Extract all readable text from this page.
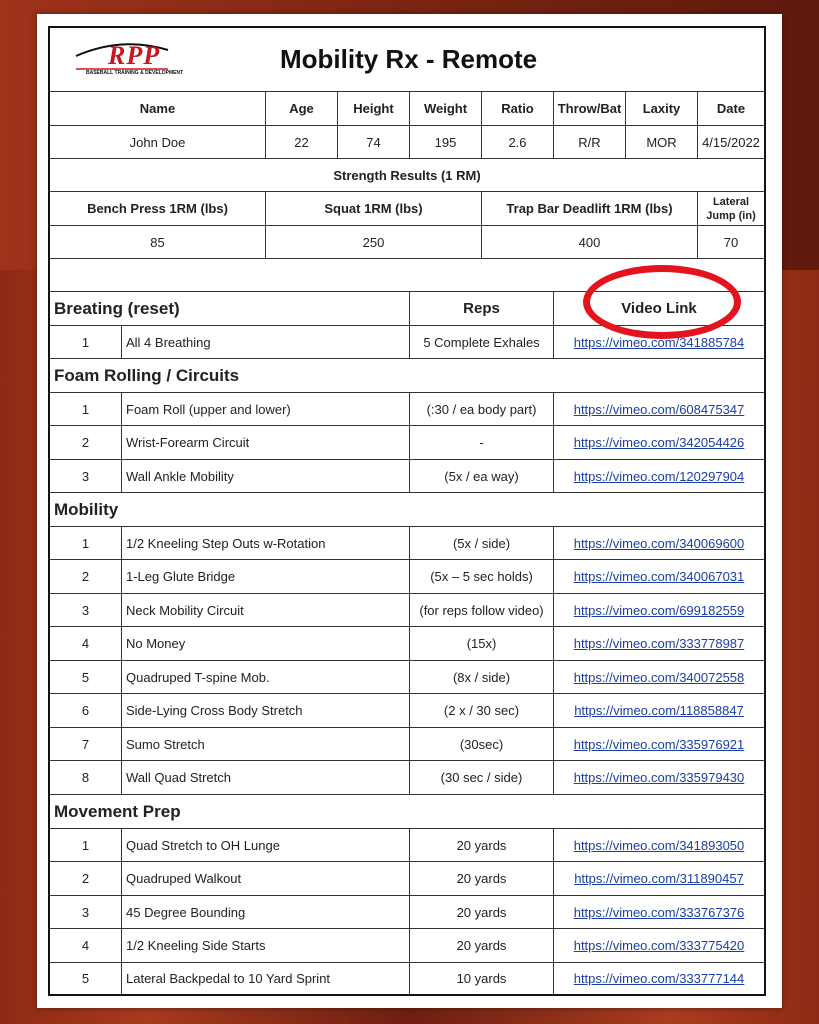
RPP
BASEBALL TRAINING & DEVELOPMENT	Mobility Rx - Remote
Name	Age	Height	Weight	Ratio	Throw/Bat	Laxity	Date
John Doe	22	74	195	2.6	R/R	MOR	4/15/2022
Strength Results (1 RM)
Bench Press 1RM (lbs)	Squat 1RM (lbs)	Trap Bar Deadlift 1RM (lbs)	Lateral Jump (in)
85	250	400	70
Breating (reset)	Reps	Video Link
1	All 4 Breathing	5 Complete Exhales	https://vimeo.com/341885784
Foam Rolling / Circuits
1	Foam Roll (upper and lower)	(:30 / ea body part)	https://vimeo.com/608475347
2	Wrist-Forearm Circuit	-	https://vimeo.com/342054426
3	Wall Ankle Mobility	(5x / ea way)	https://vimeo.com/120297904
Mobility
1	1/2 Kneeling Step Outs w-Rotation	(5x / side)	https://vimeo.com/340069600
2	1-Leg Glute Bridge	(5x – 5 sec holds)	https://vimeo.com/340067031
3	Neck Mobility Circuit	(for reps follow video)	https://vimeo.com/699182559
4	No Money	(15x)	https://vimeo.com/333778987
5	Quadruped T-spine Mob.	(8x / side)	https://vimeo.com/340072558
6	Side-Lying Cross Body Stretch	(2 x / 30 sec)	https://vimeo.com/118858847
7	Sumo Stretch	(30sec)	https://vimeo.com/335976921
8	Wall Quad Stretch	(30 sec / side)	https://vimeo.com/335979430
Movement Prep
1	Quad Stretch to OH Lunge	20 yards	https://vimeo.com/341893050
2	Quadruped Walkout	20 yards	https://vimeo.com/311890457
3	45 Degree Bounding	20 yards	https://vimeo.com/333767376
4	1/2 Kneeling Side Starts	20 yards	https://vimeo.com/333775420
5	Lateral Backpedal to 10 Yard Sprint	10 yards	https://vimeo.com/333777144
